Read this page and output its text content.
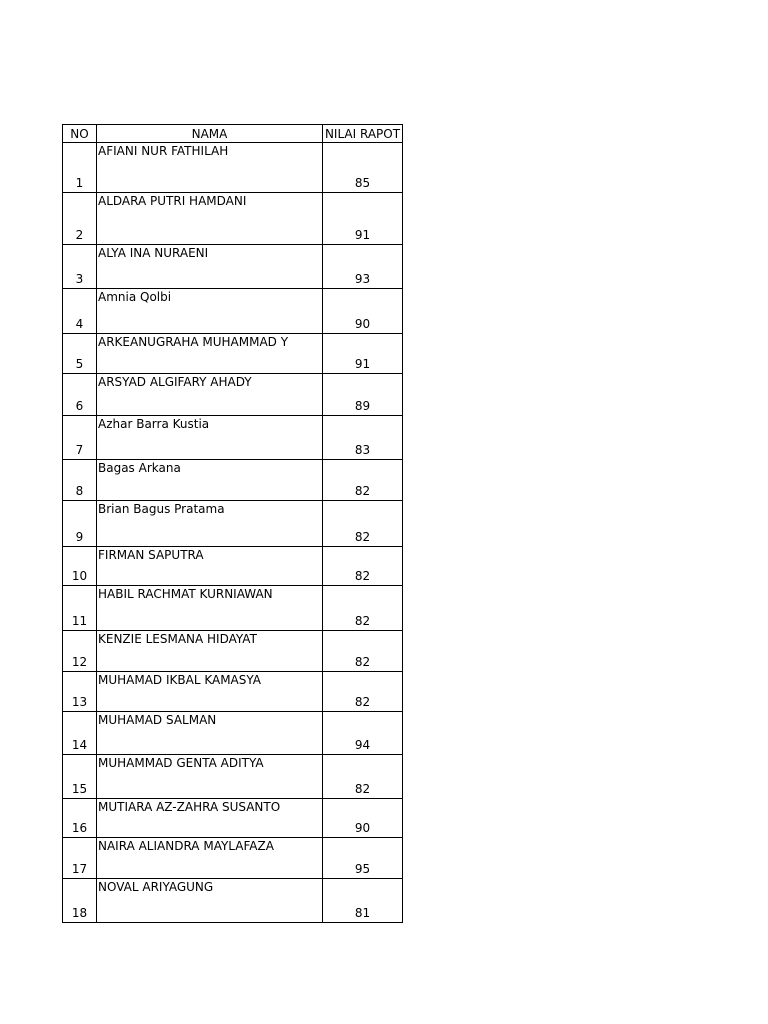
NO	NAMA	NILAI RAPOT
1	AFIANI NUR FATHILAH	85
2	ALDARA PUTRI HAMDANI	91
3	ALYA INA NURAENI	93
4	Amnia Qolbi	90
5	ARKEANUGRAHA MUHAMMAD Y	91
6	ARSYAD ALGIFARY AHADY	89
7	Azhar Barra Kustia	83
8	Bagas Arkana	82
9	Brian Bagus Pratama	82
10	FIRMAN SAPUTRA	82
11	HABIL RACHMAT KURNIAWAN	82
12	KENZIE LESMANA HIDAYAT	82
13	MUHAMAD IKBAL KAMASYA	82
14	MUHAMAD SALMAN	94
15	MUHAMMAD GENTA ADITYA	82
16	MUTIARA AZ-ZAHRA SUSANTO	90
17	NAIRA ALIANDRA MAYLAFAZA	95
18	NOVAL ARIYAGUNG	81
